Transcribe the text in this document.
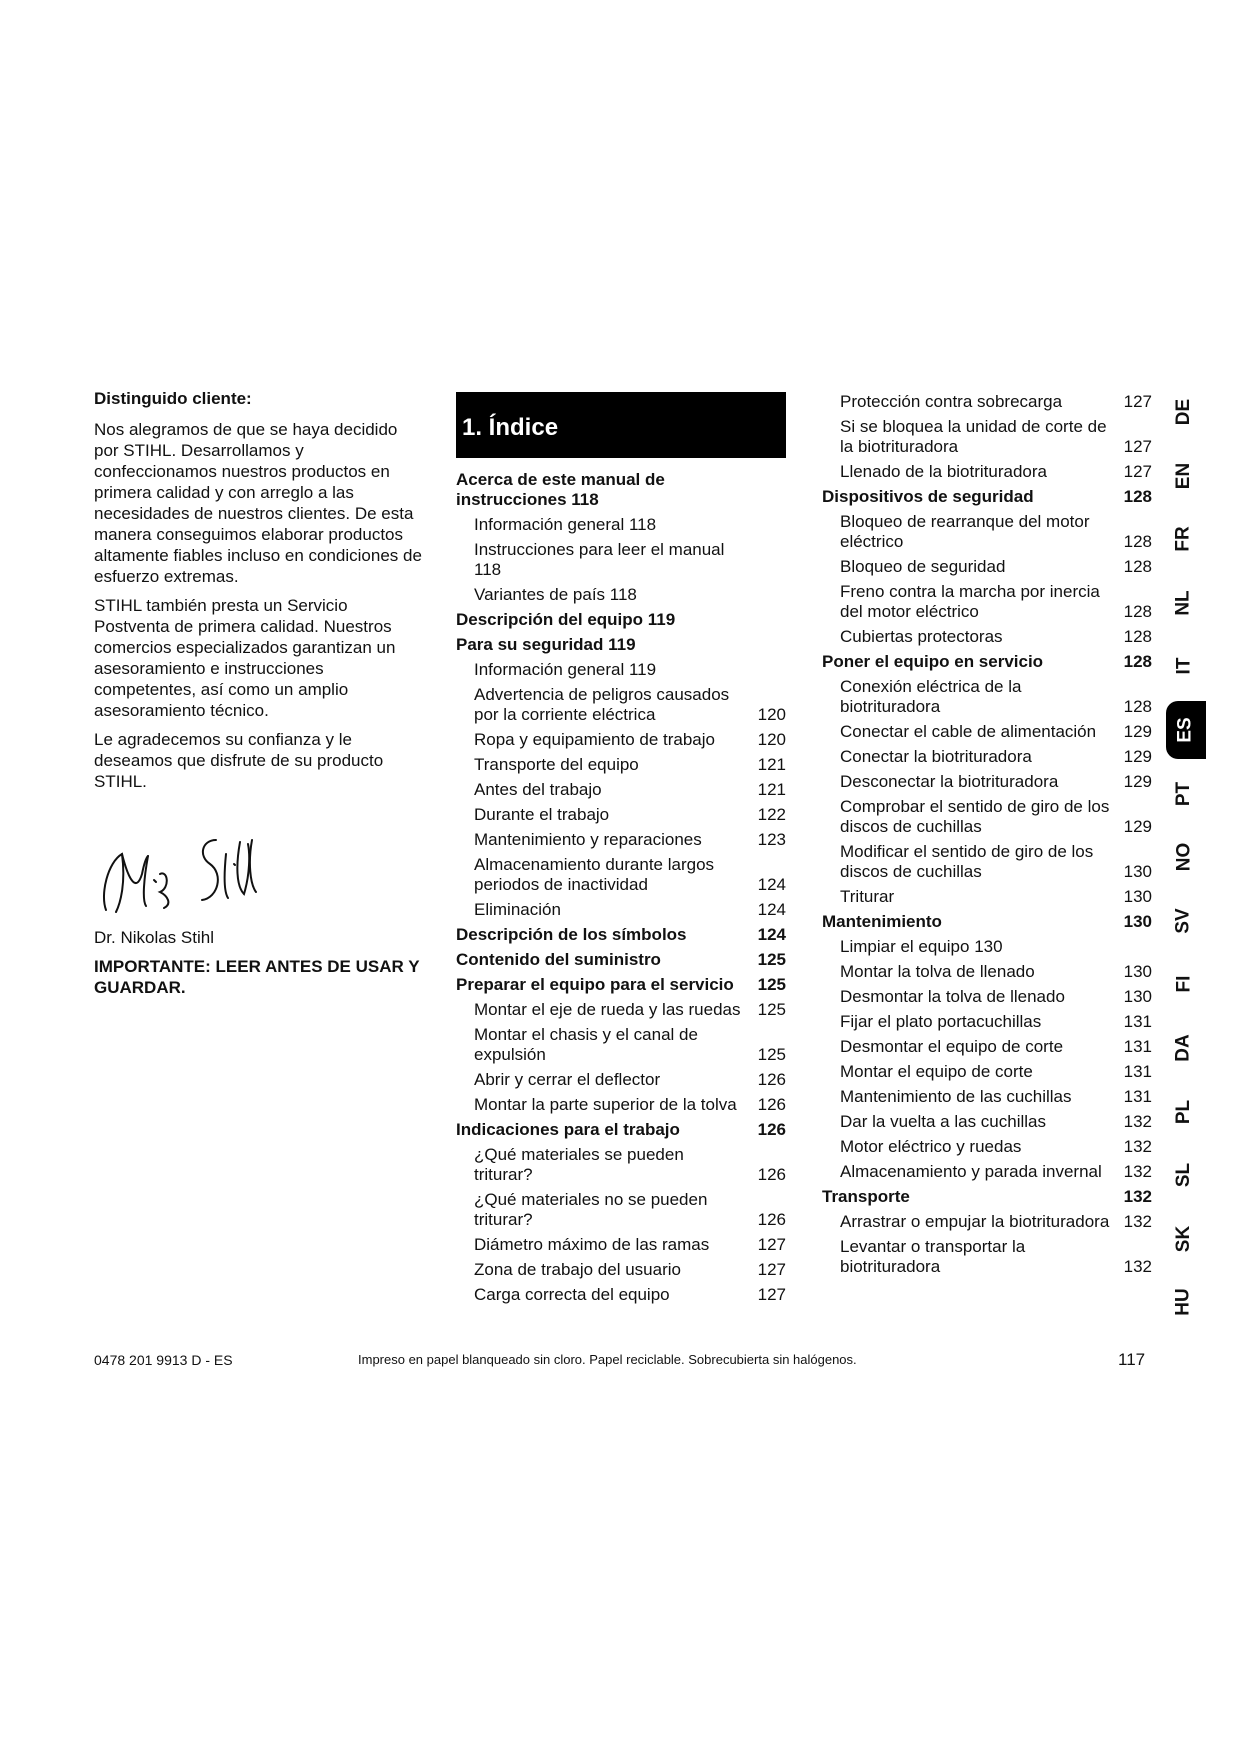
Distinguido cliente:

Nos alegramos de que se haya decidido por STIHL. Desarrollamos y confeccionamos nuestros productos en primera calidad y con arreglo a las necesidades de nuestros clientes. De esta manera conseguimos elaborar productos altamente fiables incluso en condiciones de esfuerzo extremas.

STIHL también presta un Servicio Postventa de primera calidad. Nuestros comercios especializados garantizan un asesoramiento e instrucciones competentes, así como un amplio asesoramiento técnico.

Le agradecemos su confianza y le deseamos que disfrute de su producto STIHL.

Dr. Nikolas Stihl

IMPORTANTE: LEER ANTES DE USAR Y GUARDAR.

1. Índice
Acerca de este manual de instrucciones 118
Información general 118
Instrucciones para leer el manual 118
Variantes de país 118
Descripción del equipo 119
Para su seguridad 119
Información general 119
Advertencia de peligros causados por la corriente eléctrica	120
Ropa y equipamiento de trabajo	120
Transporte del equipo	121
Antes del trabajo	121
Durante el trabajo	122
Mantenimiento y reparaciones	123
Almacenamiento durante largos periodos de inactividad	124
Eliminación	124
Descripción de los símbolos	124
Contenido del suministro	125
Preparar el equipo para el servicio	125
Montar el eje de rueda y las ruedas	125
Montar el chasis y el canal de expulsión	125
Abrir y cerrar el deflector	126
Montar la parte superior de la tolva	126
Indicaciones para el trabajo	126
¿Qué materiales se pueden triturar?	126
¿Qué materiales no se pueden triturar?	126
Diámetro máximo de las ramas	127
Zona de trabajo del usuario	127
Carga correcta del equipo	127
Protección contra sobrecarga	127
Si se bloquea la unidad de corte de la biotrituradora	127
Llenado de la biotrituradora	127
Dispositivos de seguridad	128
Bloqueo de rearranque del motor eléctrico	128
Bloqueo de seguridad	128
Freno contra la marcha por inercia del motor eléctrico	128
Cubiertas protectoras	128
Poner el equipo en servicio	128
Conexión eléctrica de la biotrituradora	128
Conectar el cable de alimentación	129
Conectar la biotrituradora	129
Desconectar la biotrituradora	129
Comprobar el sentido de giro de los discos de cuchillas	129
Modificar el sentido de giro de los discos de cuchillas	130
Triturar	130
Mantenimiento	130
Limpiar el equipo 130
Montar la tolva de llenado	130
Desmontar la tolva de llenado	130
Fijar el plato portacuchillas	131
Desmontar el equipo de corte	131
Montar el equipo de corte	131
Mantenimiento de las cuchillas	131
Dar la vuelta a las cuchillas	132
Motor eléctrico y ruedas	132
Almacenamiento y parada invernal	132
Transporte	132
Arrastrar o empujar la biotrituradora 132
Levantar o transportar la biotrituradora	132
DE
EN
FR
NL
IT
ES
PT
NO
SV
FI
DA
PL
SL
SK
HU
0478 201 9913 D - ES	Impreso en papel blanqueado sin cloro. Papel reciclable. Sobrecubierta sin halógenos.	117
